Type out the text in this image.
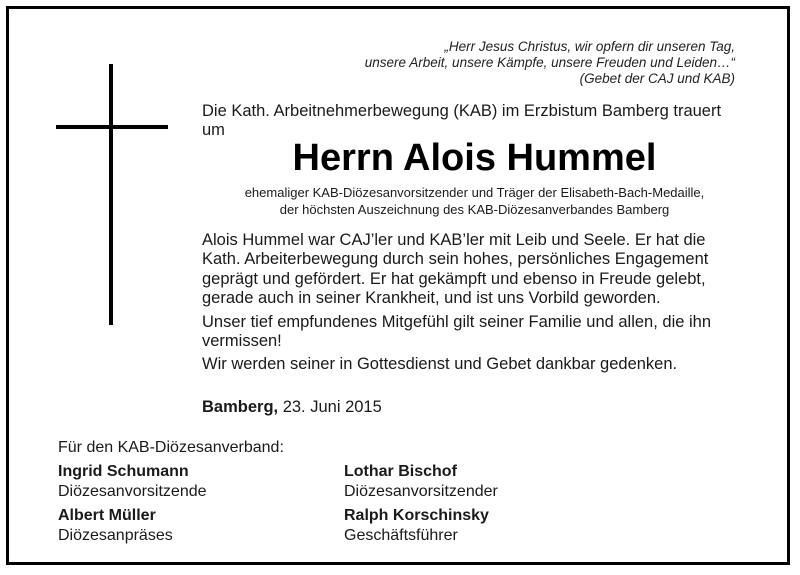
„Herr Jesus Christus, wir opfern dir unseren Tag,
unsere Arbeit, unsere Kämpfe, unsere Freuden und Leiden…“
(Gebet der CAJ und KAB)
Die Kath. Arbeitnehmerbewegung (KAB) im Erzbistum Bamberg trauert um
Herrn Alois Hummel
ehemaliger KAB-Diözesanvorsitzender und Träger der Elisabeth-Bach-Medaille,
der höchsten Auszeichnung des KAB-Diözesanverbandes Bamberg

Alois Hummel war CAJ’ler und KAB’ler mit Leib und Seele. Er hat die Kath. Arbeiterbewegung durch sein hohes, persönliches Engagement geprägt und gefördert. Er hat gekämpft und ebenso in Freude gelebt, gerade auch in seiner Krankheit, und ist uns Vorbild geworden.

Unser tief empfundenes Mitgefühl gilt seiner Familie und allen, die ihn vermissen!

Wir werden seiner in Gottesdienst und Gebet dankbar gedenken.

Bamberg, 23. Juni 2015
Für den KAB-Diözesanverband:
Ingrid Schumann
Diözesanvorsitzende
Lothar Bischof
Diözesanvorsitzender
Albert Müller
Diözesanpräses
Ralph Korschinsky
Geschäftsführer
